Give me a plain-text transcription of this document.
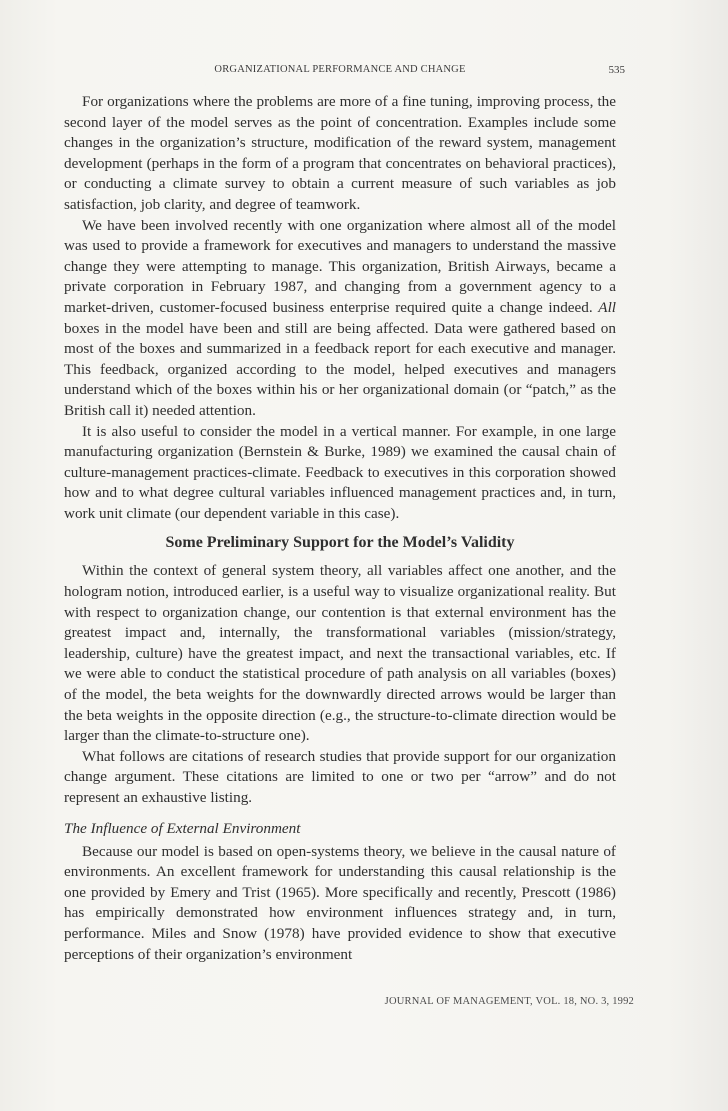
ORGANIZATIONAL PERFORMANCE AND CHANGE	535

For organizations where the problems are more of a fine tuning, improving process, the second layer of the model serves as the point of concentration. Examples include some changes in the organization’s structure, modification of the reward system, management development (perhaps in the form of a program that concentrates on behavioral practices), or conducting a climate survey to obtain a current measure of such variables as job satisfaction, job clarity, and degree of teamwork.

We have been involved recently with one organization where almost all of the model was used to provide a framework for executives and managers to understand the massive change they were attempting to manage. This organization, British Airways, became a private corporation in February 1987, and changing from a government agency to a market-driven, customer-focused business enterprise required quite a change indeed. All boxes in the model have been and still are being affected. Data were gathered based on most of the boxes and summarized in a feedback report for each executive and manager. This feedback, organized according to the model, helped executives and managers understand which of the boxes within his or her organizational domain (or “patch,” as the British call it) needed attention.

It is also useful to consider the model in a vertical manner. For example, in one large manufacturing organization (Bernstein & Burke, 1989) we examined the causal chain of culture-management practices-climate. Feedback to executives in this corporation showed how and to what degree cultural variables influenced management practices and, in turn, work unit climate (our dependent variable in this case).

Some Preliminary Support for the Model’s Validity

Within the context of general system theory, all variables affect one another, and the hologram notion, introduced earlier, is a useful way to visualize organizational reality. But with respect to organization change, our contention is that external environment has the greatest impact and, internally, the transformational variables (mission/strategy, leadership, culture) have the greatest impact, and next the transactional variables, etc. If we were able to conduct the statistical procedure of path analysis on all variables (boxes) of the model, the beta weights for the downwardly directed arrows would be larger than the beta weights in the opposite direction (e.g., the structure-to-climate direction would be larger than the climate-to-structure one).

What follows are citations of research studies that provide support for our organization change argument. These citations are limited to one or two per “arrow” and do not represent an exhaustive listing.

The Influence of External Environment

Because our model is based on open-systems theory, we believe in the causal nature of environments. An excellent framework for understanding this causal relationship is the one provided by Emery and Trist (1965). More specifically and recently, Prescott (1986) has empirically demonstrated how environment influences strategy and, in turn, performance. Miles and Snow (1978) have provided evidence to show that executive perceptions of their organization’s environment

JOURNAL OF MANAGEMENT, VOL. 18, NO. 3, 1992
